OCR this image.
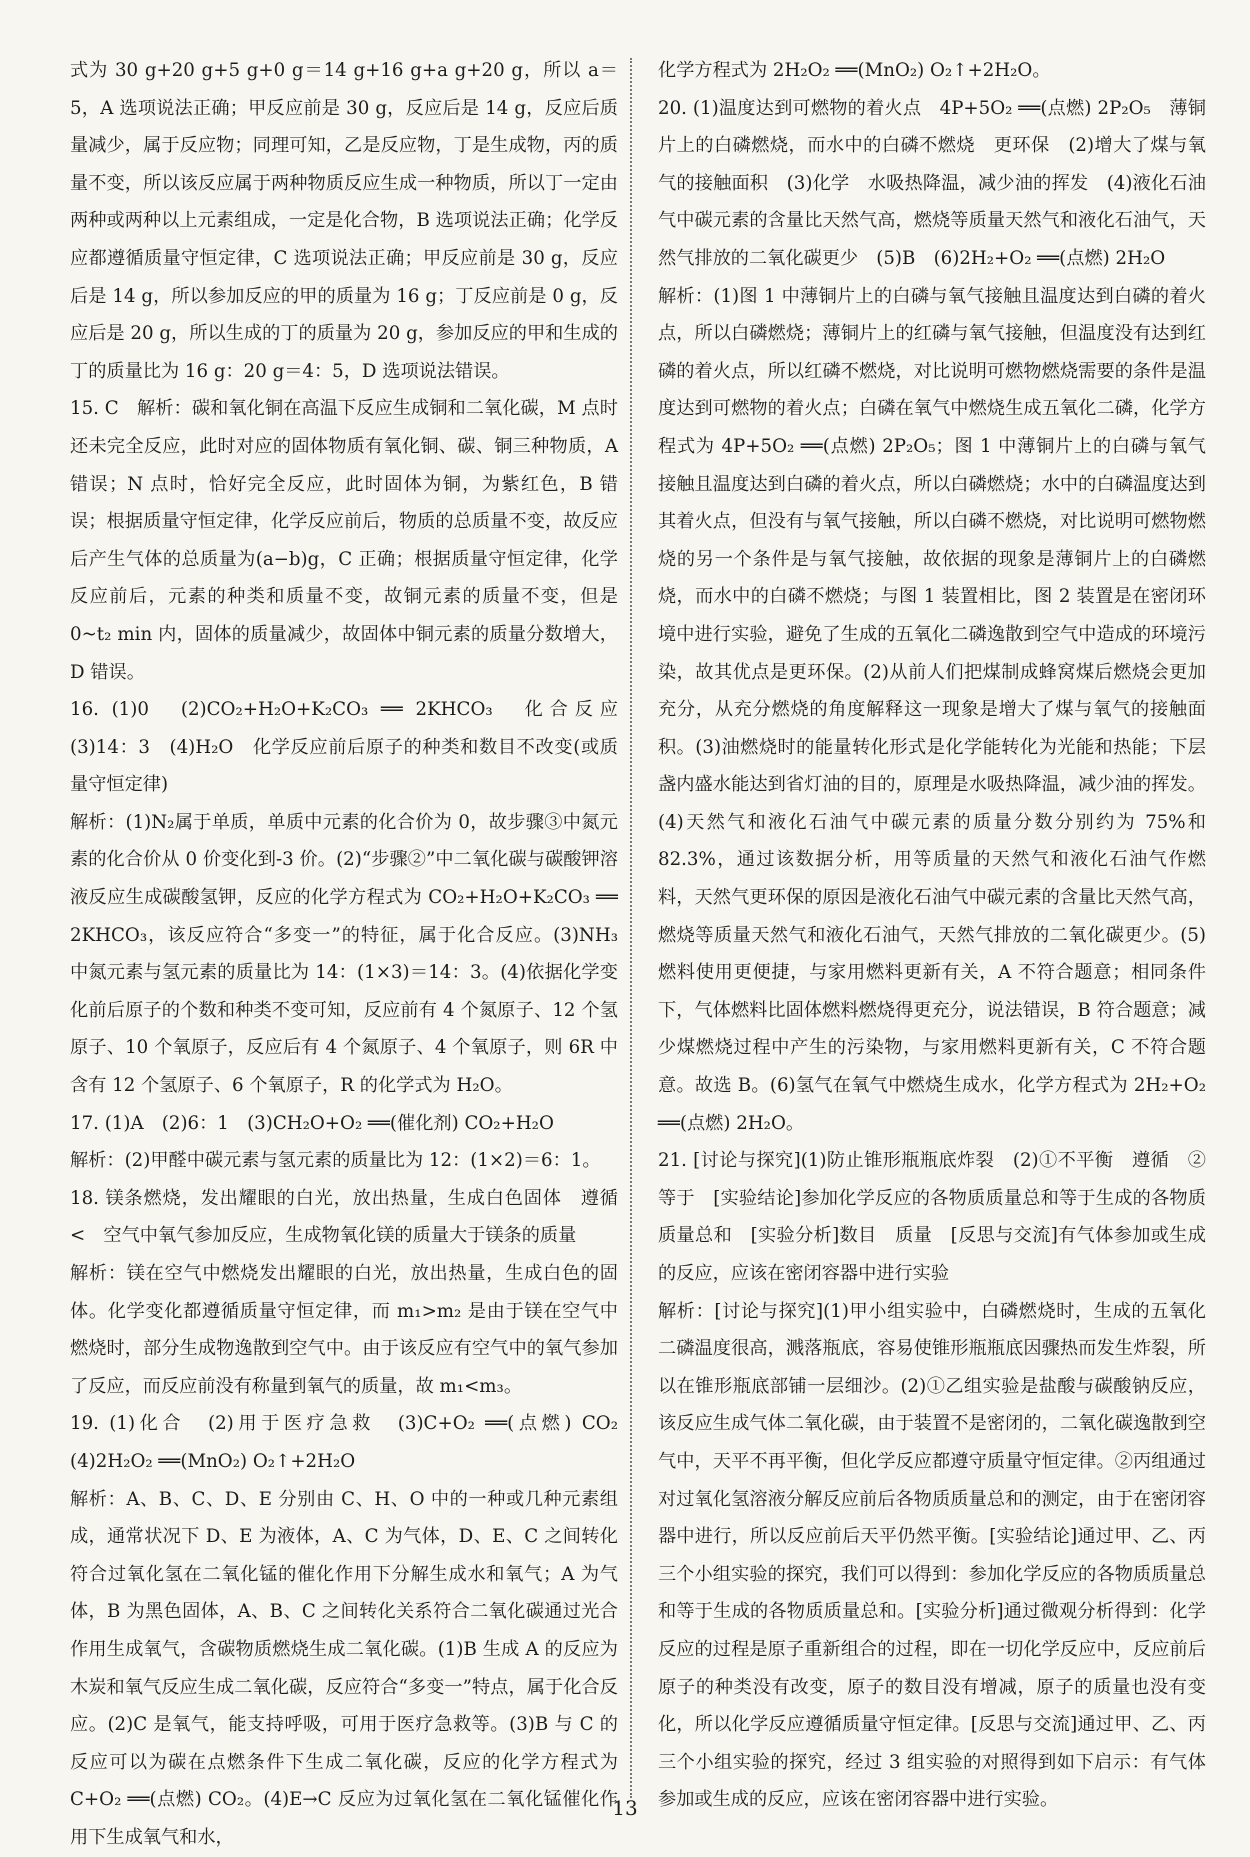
式为 30 g+20 g+5 g+0 g＝14 g+16 g+a g+20 g，所以 a＝5，A 选项说法正确；甲反应前是 30 g，反应后是 14 g，反应后质量减少，属于反应物；同理可知，乙是反应物，丁是生成物，丙的质量不变，所以该反应属于两种物质反应生成一种物质，所以丁一定由两种或两种以上元素组成，一定是化合物，B 选项说法正确；化学反应都遵循质量守恒定律，C 选项说法正确；甲反应前是 30 g，反应后是 14 g，所以参加反应的甲的质量为 16 g；丁反应前是 0 g，反应后是 20 g，所以生成的丁的质量为 20 g，参加反应的甲和生成的丁的质量比为 16 g：20 g＝4：5，D 选项说法错误。

15. C　解析：碳和氧化铜在高温下反应生成铜和二氧化碳，M 点时还未完全反应，此时对应的固体物质有氧化铜、碳、铜三种物质，A 错误；N 点时，恰好完全反应，此时固体为铜，为紫红色，B 错误；根据质量守恒定律，化学反应前后，物质的总质量不变，故反应后产生气体的总质量为(a−b)g，C 正确；根据质量守恒定律，化学反应前后，元素的种类和质量不变，故铜元素的质量不变，但是 0~t₂ min 内，固体的质量减少，故固体中铜元素的质量分数增大，D 错误。

16. (1)0　(2)CO₂+H₂O+K₂CO₃ ══ 2KHCO₃　化合反应　(3)14：3　(4)H₂O　化学反应前后原子的种类和数目不改变(或质量守恒定律)

解析：(1)N₂属于单质，单质中元素的化合价为 0，故步骤③中氮元素的化合价从 0 价变化到-3 价。(2)“步骤②”中二氧化碳与碳酸钾溶液反应生成碳酸氢钾，反应的化学方程式为 CO₂+H₂O+K₂CO₃ ══ 2KHCO₃，该反应符合“多变一”的特征，属于化合反应。(3)NH₃ 中氮元素与氢元素的质量比为 14：(1×3)＝14：3。(4)依据化学变化前后原子的个数和种类不变可知，反应前有 4 个氮原子、12 个氢原子、10 个氧原子，反应后有 4 个氮原子、4 个氧原子，则 6R 中含有 12 个氢原子、6 个氧原子，R 的化学式为 H₂O。

17. (1)A　(2)6：1　(3)CH₂O+O₂ ══(催化剂) CO₂+H₂O

解析：(2)甲醛中碳元素与氢元素的质量比为 12：(1×2)＝6：1。

18. 镁条燃烧，发出耀眼的白光，放出热量，生成白色固体　遵循　<　空气中氧气参加反应，生成物氧化镁的质量大于镁条的质量

解析：镁在空气中燃烧发出耀眼的白光，放出热量，生成白色的固体。化学变化都遵循质量守恒定律，而 m₁>m₂ 是由于镁在空气中燃烧时，部分生成物逸散到空气中。由于该反应有空气中的氧气参加了反应，而反应前没有称量到氧气的质量，故 m₁<m₃。

19. (1)化合　(2)用于医疗急救　(3)C+O₂ ══(点燃) CO₂　(4)2H₂O₂ ══(MnO₂) O₂↑+2H₂O

解析：A、B、C、D、E 分别由 C、H、O 中的一种或几种元素组成，通常状况下 D、E 为液体，A、C 为气体，D、E、C 之间转化符合过氧化氢在二氧化锰的催化作用下分解生成水和氧气；A 为气体，B 为黑色固体，A、B、C 之间转化关系符合二氧化碳通过光合作用生成氧气，含碳物质燃烧生成二氧化碳。(1)B 生成 A 的反应为木炭和氧气反应生成二氧化碳，反应符合“多变一”特点，属于化合反应。(2)C 是氧气，能支持呼吸，可用于医疗急救等。(3)B 与 C 的反应可以为碳在点燃条件下生成二氧化碳，反应的化学方程式为 C+O₂ ══(点燃) CO₂。(4)E→C 反应为过氧化氢在二氧化锰催化作用下生成氧气和水，

化学方程式为 2H₂O₂ ══(MnO₂) O₂↑+2H₂O。

20. (1)温度达到可燃物的着火点　4P+5O₂ ══(点燃) 2P₂O₅　薄铜片上的白磷燃烧，而水中的白磷不燃烧　更环保　(2)增大了煤与氧气的接触面积　(3)化学　水吸热降温，减少油的挥发　(4)液化石油气中碳元素的含量比天然气高，燃烧等质量天然气和液化石油气，天然气排放的二氧化碳更少　(5)B　(6)2H₂+O₂ ══(点燃) 2H₂O

解析：(1)图 1 中薄铜片上的白磷与氧气接触且温度达到白磷的着火点，所以白磷燃烧；薄铜片上的红磷与氧气接触，但温度没有达到红磷的着火点，所以红磷不燃烧，对比说明可燃物燃烧需要的条件是温度达到可燃物的着火点；白磷在氧气中燃烧生成五氧化二磷，化学方程式为 4P+5O₂ ══(点燃) 2P₂O₅；图 1 中薄铜片上的白磷与氧气接触且温度达到白磷的着火点，所以白磷燃烧；水中的白磷温度达到其着火点，但没有与氧气接触，所以白磷不燃烧，对比说明可燃物燃烧的另一个条件是与氧气接触，故依据的现象是薄铜片上的白磷燃烧，而水中的白磷不燃烧；与图 1 装置相比，图 2 装置是在密闭环境中进行实验，避免了生成的五氧化二磷逸散到空气中造成的环境污染，故其优点是更环保。(2)从前人们把煤制成蜂窝煤后燃烧会更加充分，从充分燃烧的角度解释这一现象是增大了煤与氧气的接触面积。(3)油燃烧时的能量转化形式是化学能转化为光能和热能；下层盏内盛水能达到省灯油的目的，原理是水吸热降温，减少油的挥发。(4)天然气和液化石油气中碳元素的质量分数分别约为 75%和 82.3%，通过该数据分析，用等质量的天然气和液化石油气作燃料，天然气更环保的原因是液化石油气中碳元素的含量比天然气高，燃烧等质量天然气和液化石油气，天然气排放的二氧化碳更少。(5)燃料使用更便捷，与家用燃料更新有关，A 不符合题意；相同条件下，气体燃料比固体燃料燃烧得更充分，说法错误，B 符合题意；减少煤燃烧过程中产生的污染物，与家用燃料更新有关，C 不符合题意。故选 B。(6)氢气在氧气中燃烧生成水，化学方程式为 2H₂+O₂ ══(点燃) 2H₂O。

21. [讨论与探究](1)防止锥形瓶瓶底炸裂　(2)①不平衡　遵循　②等于　[实验结论]参加化学反应的各物质质量总和等于生成的各物质质量总和　[实验分析]数目　质量　[反思与交流]有气体参加或生成的反应，应该在密闭容器中进行实验

解析：[讨论与探究](1)甲小组实验中，白磷燃烧时，生成的五氧化二磷温度很高，溅落瓶底，容易使锥形瓶瓶底因骤热而发生炸裂，所以在锥形瓶底部铺一层细沙。(2)①乙组实验是盐酸与碳酸钠反应，该反应生成气体二氧化碳，由于装置不是密闭的，二氧化碳逸散到空气中，天平不再平衡，但化学反应都遵守质量守恒定律。②丙组通过对过氧化氢溶液分解反应前后各物质质量总和的测定，由于在密闭容器中进行，所以反应前后天平仍然平衡。[实验结论]通过甲、乙、丙三个小组实验的探究，我们可以得到：参加化学反应的各物质质量总和等于生成的各物质质量总和。[实验分析]通过微观分析得到：化学反应的过程是原子重新组合的过程，即在一切化学反应中，反应前后原子的种类没有改变，原子的数目没有增减，原子的质量也没有变化，所以化学反应遵循质量守恒定律。[反思与交流]通过甲、乙、丙三个小组实验的探究，经过 3 组实验的对照得到如下启示：有气体参加或生成的反应，应该在密闭容器中进行实验。

13
